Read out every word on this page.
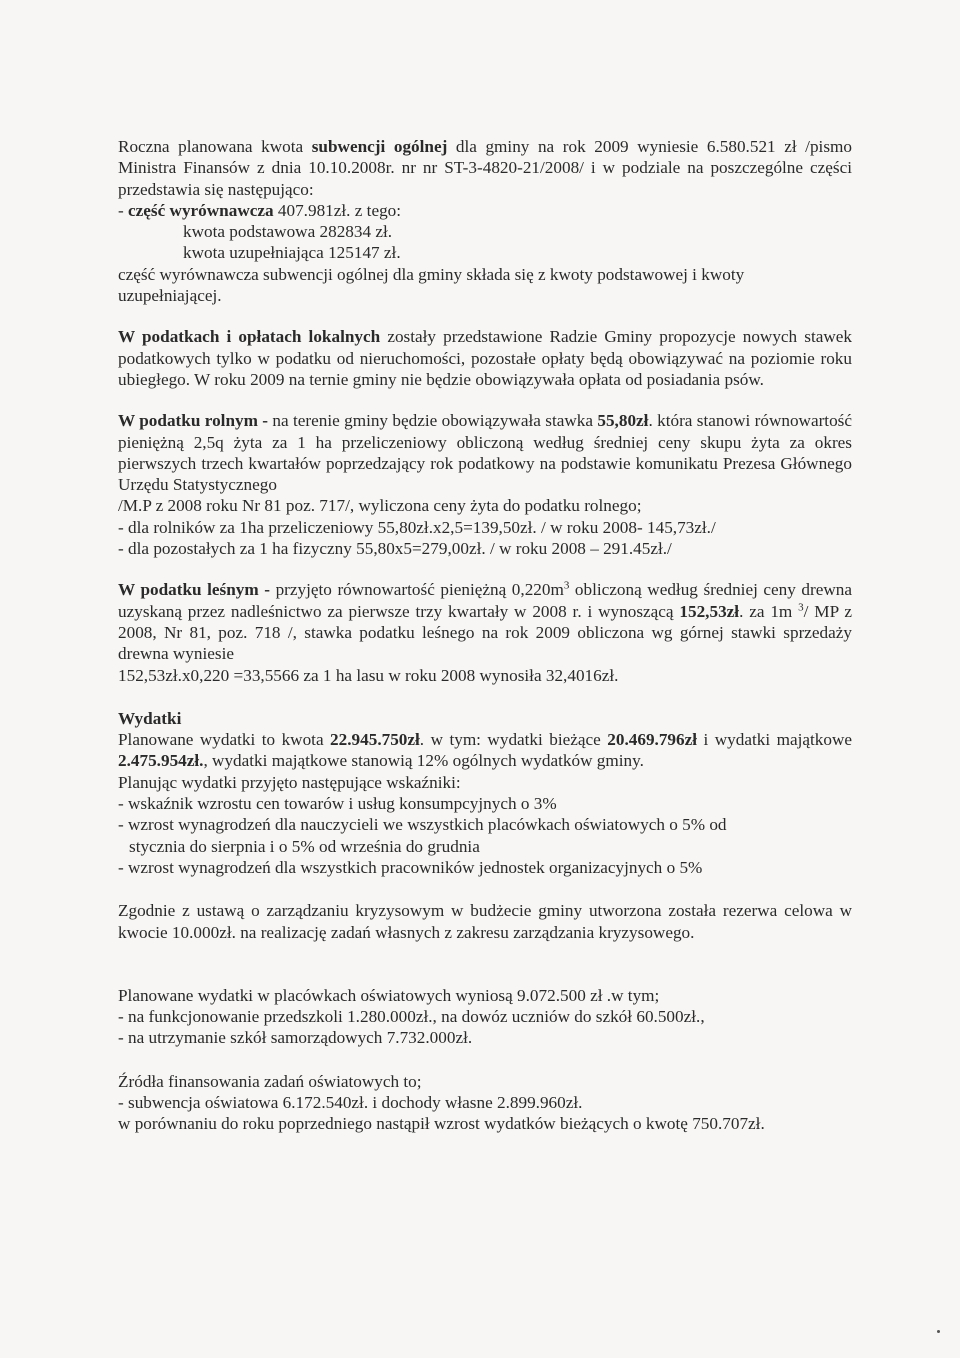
Roczna planowana kwota subwencji ogólnej dla gminy na rok 2009 wyniesie 6.580.521 zł /pismo Ministra Finansów z dnia 10.10.2008r. nr nr ST-3-4820-21/2008/ i w podziale na poszczególne części przedstawia się następująco:

- część wyrównawcza 407.981zł. z tego:

kwota podstawowa 282834 zł.

kwota uzupełniająca 125147 zł.

część wyrównawcza subwencji ogólnej dla gminy składa się z kwoty podstawowej i kwoty uzupełniającej.

W podatkach i opłatach lokalnych zostały przedstawione Radzie Gminy propozycje nowych stawek podatkowych tylko w podatku od nieruchomości, pozostałe opłaty będą obowiązywać na poziomie roku ubiegłego. W roku 2009 na ternie gminy nie będzie obowiązywała opłata od posiadania psów.

W podatku rolnym - na terenie gminy będzie obowiązywała stawka 55,80zł. która stanowi równowartość pieniężną 2,5q żyta za 1 ha przeliczeniowy obliczoną według średniej ceny skupu żyta za okres pierwszych trzech kwartałów poprzedzający rok podatkowy na podstawie komunikatu Prezesa Głównego Urzędu Statystycznego

/M.P z 2008 roku Nr 81 poz. 717/, wyliczona ceny żyta do podatku rolnego;

- dla rolników za 1ha przeliczeniowy 55,80zł.x2,5=139,50zł. / w roku 2008- 145,73zł./

- dla pozostałych za 1 ha fizyczny 55,80x5=279,00zł. / w roku 2008 – 291.45zł./

W podatku leśnym - przyjęto równowartość pieniężną $0,220m^3$ obliczoną według średniej ceny drewna uzyskaną przez nadleśnictwo za pierwsze trzy kwartały w 2008 r. i wynoszącą 152,53zł. za 1m $^3$/ MP z 2008, Nr 81, poz. 718 /, stawka podatku leśnego na rok 2009 obliczona wg górnej stawki sprzedaży drewna wyniesie

152,53zł.x0,220 =33,5566 za 1 ha lasu w roku 2008 wynosiła 32,4016zł.

Wydatki

Planowane wydatki to kwota 22.945.750zł. w tym: wydatki bieżące 20.469.796zł i wydatki majątkowe 2.475.954zł., wydatki majątkowe stanowią 12% ogólnych wydatków gminy.

Planując wydatki przyjęto następujące wskaźniki:

- wskaźnik wzrostu cen towarów i usług konsumpcyjnych o 3%

- wzrost wynagrodzeń dla nauczycieli we wszystkich placówkach oświatowych o 5% od

stycznia do sierpnia i o 5% od września do grudnia

- wzrost wynagrodzeń dla wszystkich pracowników jednostek organizacyjnych o 5%

Zgodnie z ustawą o zarządzaniu kryzysowym w budżecie gminy utworzona została rezerwa celowa w kwocie 10.000zł. na realizację zadań własnych z zakresu zarządzania kryzysowego.

Planowane wydatki w placówkach oświatowych wyniosą 9.072.500 zł .w tym;

- na funkcjonowanie przedszkoli 1.280.000zł., na dowóz uczniów do szkół 60.500zł.,

- na utrzymanie szkół samorządowych 7.732.000zł.

Źródła finansowania zadań oświatowych to;

- subwencja oświatowa 6.172.540zł. i dochody własne 2.899.960zł.

w porównaniu do roku poprzedniego nastąpił wzrost wydatków bieżących o kwotę 750.707zł.
